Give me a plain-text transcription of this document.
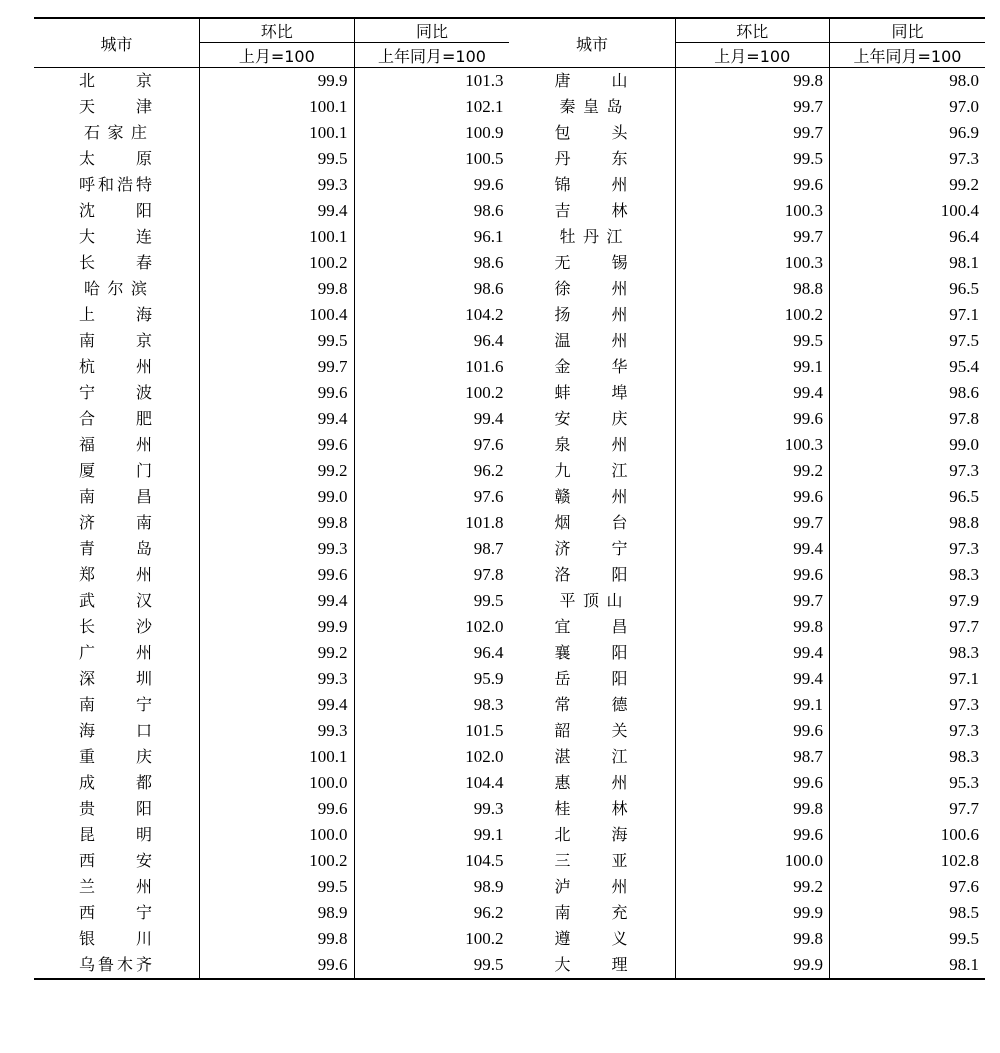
城市	环比	同比	城市	环比	同比
	上月=100	上年同月=100		上月=100	上年同月=100

北 京	99.9	101.3	唐 山	99.8	98.0

天 津	100.1	102.1	秦 皇 岛	99.7	97.0

石 家 庄	100.1	100.9	包 头	99.7	96.9

太 原	99.5	100.5	丹 东	99.5	97.3

呼 和 浩 特	99.3	99.6	锦 州	99.6	99.2

沈 阳	99.4	98.6	吉 林	100.3	100.4

大 连	100.1	96.1	牡 丹 江	99.7	96.4

长 春	100.2	98.6	无 锡	100.3	98.1

哈 尔 滨	99.8	98.6	徐 州	98.8	96.5

上 海	100.4	104.2	扬 州	100.2	97.1

南 京	99.5	96.4	温 州	99.5	97.5

杭 州	99.7	101.6	金 华	99.1	95.4

宁 波	99.6	100.2	蚌 埠	99.4	98.6

合 肥	99.4	99.4	安 庆	99.6	97.8

福 州	99.6	97.6	泉 州	100.3	99.0

厦 门	99.2	96.2	九 江	99.2	97.3

南 昌	99.0	97.6	赣 州	99.6	96.5

济 南	99.8	101.8	烟 台	99.7	98.8

青 岛	99.3	98.7	济 宁	99.4	97.3

郑 州	99.6	97.8	洛 阳	99.6	98.3

武 汉	99.4	99.5	平 顶 山	99.7	97.9

长 沙	99.9	102.0	宜 昌	99.8	97.7

广 州	99.2	96.4	襄 阳	99.4	98.3

深 圳	99.3	95.9	岳 阳	99.4	97.1

南 宁	99.4	98.3	常 德	99.1	97.3

海 口	99.3	101.5	韶 关	99.6	97.3

重 庆	100.1	102.0	湛 江	98.7	98.3

成 都	100.0	104.4	惠 州	99.6	95.3

贵 阳	99.6	99.3	桂 林	99.8	97.7

昆 明	100.0	99.1	北 海	99.6	100.6

西 安	100.2	104.5	三 亚	100.0	102.8

兰 州	99.5	98.9	泸 州	99.2	97.6

西 宁	98.9	96.2	南 充	99.9	98.5

银 川	99.8	100.2	遵 义	99.8	99.5

乌 鲁 木 齐	99.6	99.5	大 理	99.9	98.1
